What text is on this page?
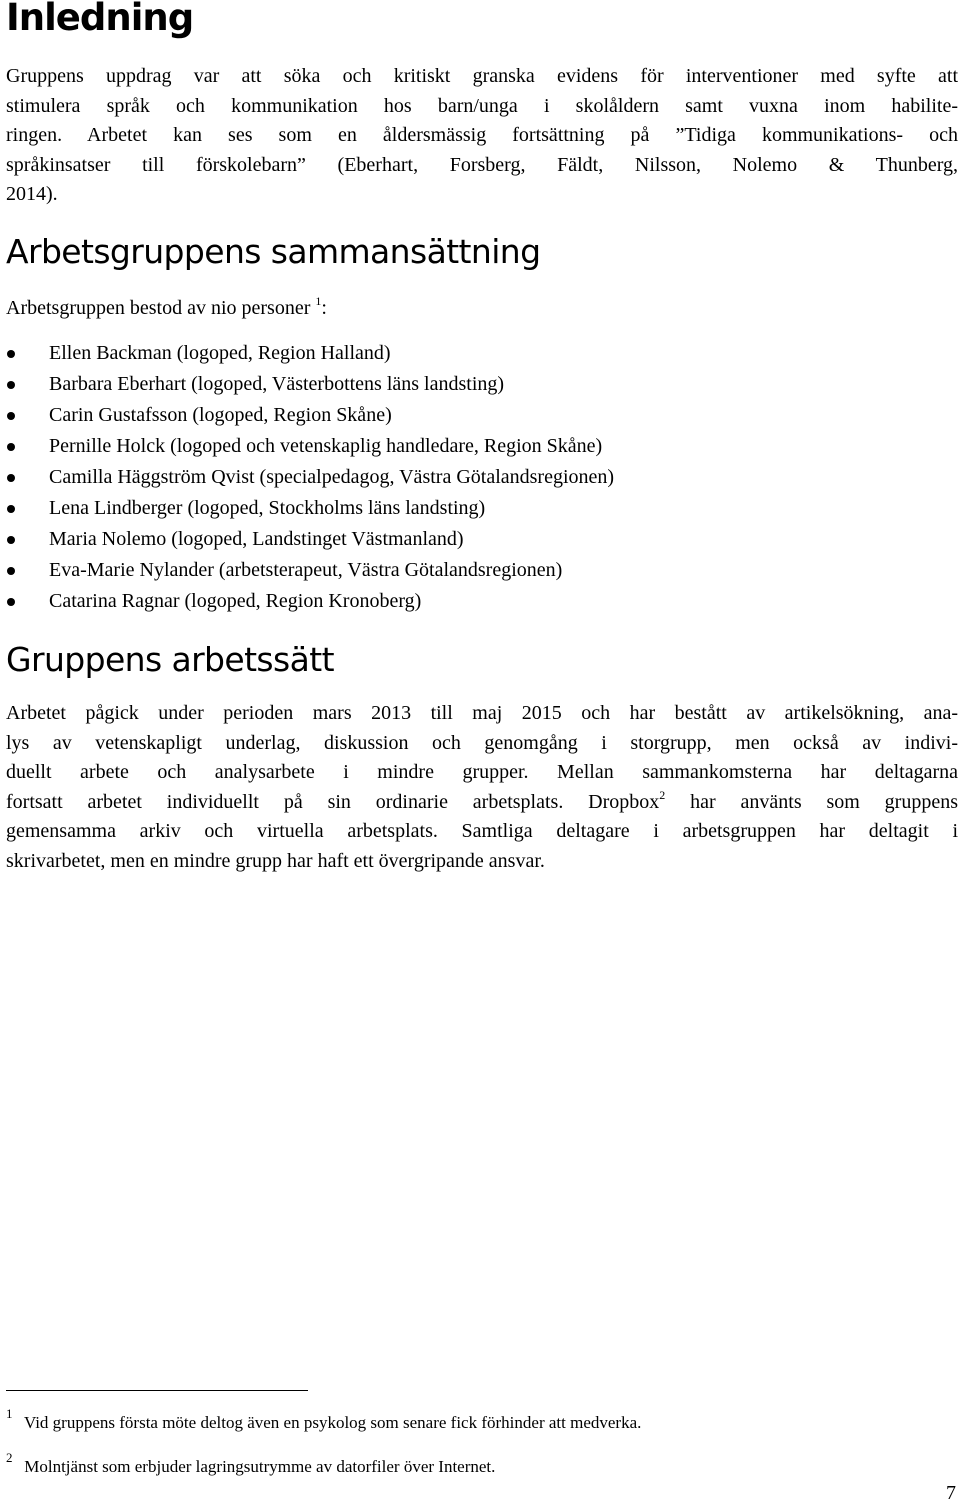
Inledning
Gruppens uppdrag var att söka och kritiskt granska evidens för interventioner med syfte att
stimulera språk och kommunikation hos barn/unga i skolåldern samt vuxna inom habilite-
ringen. Arbetet kan ses som en åldersmässig fortsättning på ”Tidiga kommunikations- och
språkinsatser till förskolebarn” (Eberhart, Forsberg, Fäldt, Nilsson, Nolemo & Thunberg,
2014).
Arbetsgruppens sammansättning
Arbetsgruppen bestod av nio personer $^1$:
Ellen Backman (logoped, Region Halland)
Barbara Eberhart (logoped, Västerbottens läns landsting)
Carin Gustafsson (logoped, Region Skåne)
Pernille Holck (logoped och vetenskaplig handledare, Region Skåne)
Camilla Häggström Qvist (specialpedagog, Västra Götalandsregionen)
Lena Lindberger (logoped, Stockholms läns landsting)
Maria Nolemo (logoped, Landstinget Västmanland)
Eva-Marie Nylander (arbetsterapeut, Västra Götalandsregionen)
Catarina Ragnar (logoped, Region Kronoberg)
Gruppens arbetssätt
Arbetet pågick under perioden mars 2013 till maj 2015 och har bestått av artikelsökning, ana-
lys av vetenskapligt underlag, diskussion och genomgång i storgrupp, men också av indivi-
duellt arbete och analysarbete i mindre grupper. Mellan sammankomsterna har deltagarna
fortsatt arbetet individuellt på sin ordinarie arbetsplats. Dropbox$^2$ har använts som gruppens
gemensamma arkiv och virtuella arbetsplats. Samtliga deltagare i arbetsgruppen har deltagit i
skrivarbetet, men en mindre grupp har haft ett övergripande ansvar.
1 Vid gruppens första möte deltog även en psykolog som senare fick förhinder att medverka.
2 Molntjänst som erbjuder lagringsutrymme av datorfiler över Internet.
7
